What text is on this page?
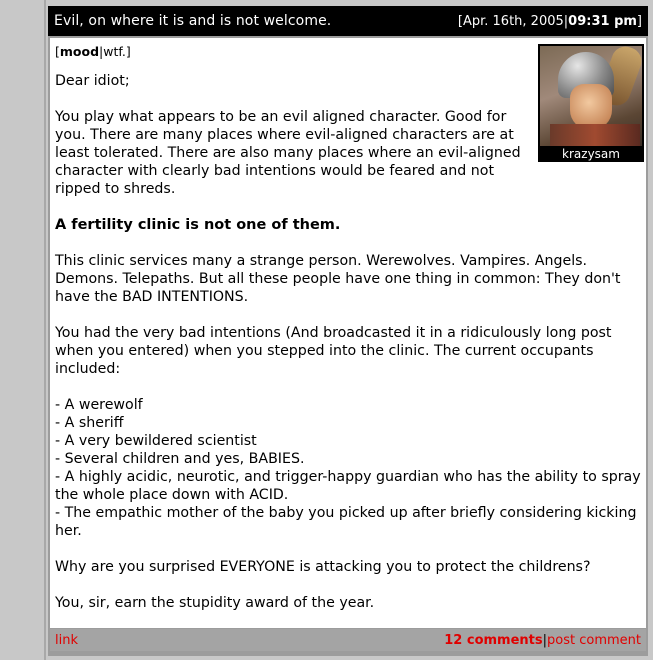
Evil, on where it is and is not welcome.	[Apr. 16th, 2005|09:31 pm]
krazysam
[mood|wtf.]

Dear idiot;

You play what appears to be an evil aligned character. Good for you. There are many places where evil-aligned characters are at least tolerated. There are also many places where an evil-aligned character with clearly bad intentions would be feared and not ripped to shreds.

A fertility clinic is not one of them.

This clinic services many a strange person. Werewolves. Vampires. Angels. Demons. Telepaths. But all these people have one thing in common: They don't have the BAD INTENTIONS.

You had the very bad intentions (And broadcasted it in a ridiculously long post when you entered) when you stepped into the clinic. The current occupants included:

- A werewolf
- A sheriff
- A very bewildered scientist
- Several children and yes, BABIES.
- A highly acidic, neurotic, and trigger-happy guardian who has the ability to spray the whole place down with ACID.
- The empathic mother of the baby you picked up after briefly considering kicking her.

Why are you surprised EVERYONE is attacking you to protect the childrens?

You, sir, earn the stupidity award of the year.

link	12 comments|post comment
